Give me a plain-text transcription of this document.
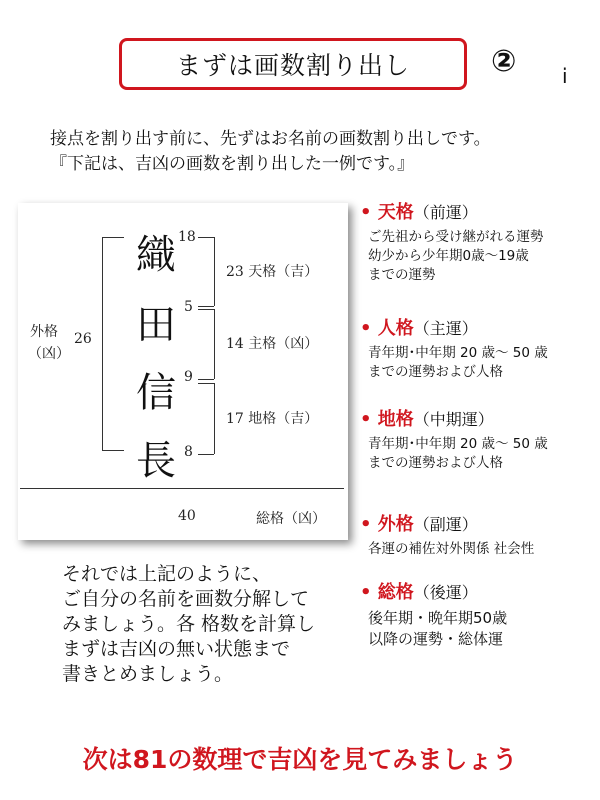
まずは画数割り出し	② i
接点を割り出す前に、先ずはお名前の画数割り出しです。
『下記は、吉凶の画数を割り出した一例です。』
織
田
信
長
18
5
9
8
23 天格（吉）
14 主格（凶）
17 地格（吉）
外格
（凶）
26
40	総格（凶）
• 天格（前運）
ご先祖から受け継がれる運勢
幼少から少年期0歳～19歳
までの運勢
• 人格（主運）
青年期･中年期 20 歳～ 50 歳
までの運勢および人格
• 地格（中期運）
青年期･中年期 20 歳～ 50 歳
までの運勢および人格
• 外格（副運）
各運の補佐対外関係 社会性
• 総格（後運）
後年期・晩年期50歳
以降の運勢・総体運
それでは上記のように、
ご自分の名前を画数分解して
みましょう。各 格数を計算し
まずは吉凶の無い状態まで
書きとめましょう。
次は81の数理で吉凶を見てみましょう
